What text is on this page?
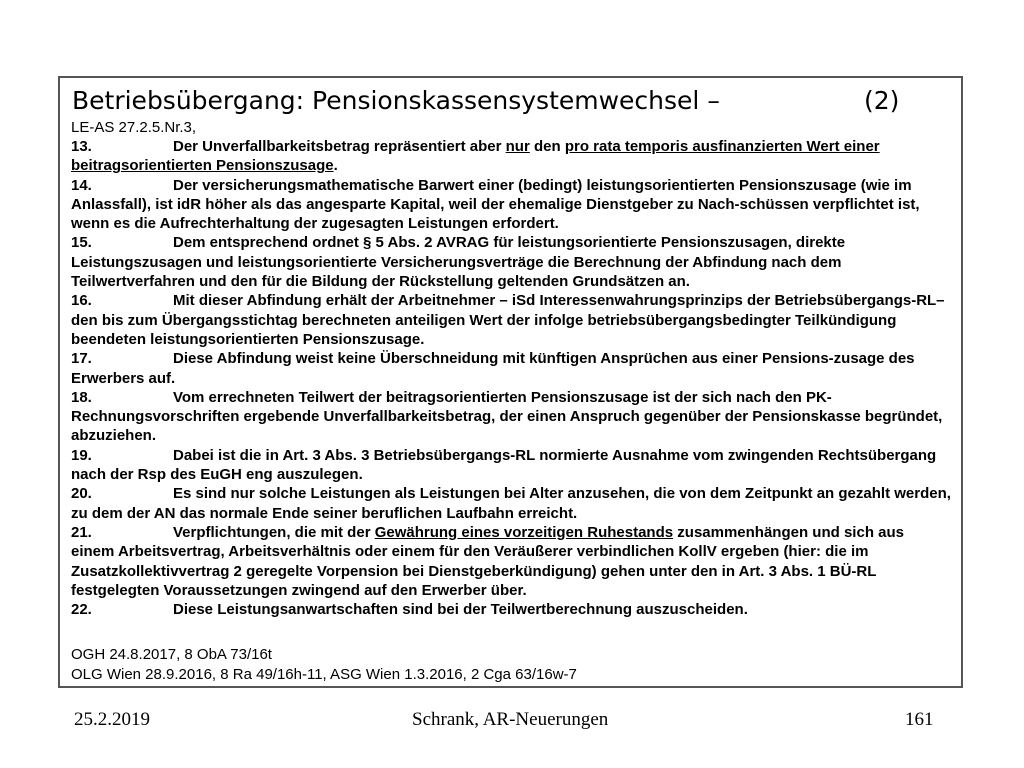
Betriebsübergang: Pensionskassensystemwechsel –	(2)
LE-AS 27.2.5.Nr.3,

13.	Der Unverfallbarkeitsbetrag repräsentiert aber nur den pro rata temporis ausfinanzierten Wert einer beitragsorientierten Pensionszusage.

14.	Der versicherungsmathematische Barwert einer (bedingt) leistungsorientierten Pensionszusage (wie im Anlassfall), ist idR höher als das angesparte Kapital, weil der ehemalige Dienstgeber zu Nach-schüssen verpflichtet ist, wenn es die Aufrechterhaltung der zugesagten Leistungen erfordert.

15.	Dem entsprechend ordnet § 5 Abs. 2 AVRAG für leistungsorientierte Pensionszusagen, direkte Leistungszusagen und leistungsorientierte Versicherungsverträge die Berechnung der Abfindung nach dem Teilwertverfahren und den für die Bildung der Rückstellung geltenden Grundsätzen an.

16.	Mit dieser Abfindung erhält der Arbeitnehmer – iSd Interessenwahrungsprinzips der Betriebsübergangs-RL– den bis zum Übergangsstichtag berechneten anteiligen Wert der infolge betriebsübergangsbedingter Teilkündigung beendeten leistungsorientierten Pensionszusage.

17.	Diese Abfindung weist keine Überschneidung mit künftigen Ansprüchen aus einer Pensions-zusage des Erwerbers auf.

18.	Vom errechneten Teilwert der beitragsorientierten Pensionszusage ist der sich nach den PK-Rechnungsvorschriften ergebende Unverfallbarkeitsbetrag, der einen Anspruch gegenüber der Pensionskasse begründet, abzuziehen.

19.	Dabei ist die in Art. 3 Abs. 3 Betriebsübergangs-RL normierte Ausnahme vom zwingenden Rechtsübergang nach der Rsp des EuGH eng auszulegen.

20.	Es sind nur solche Leistungen als Leistungen bei Alter anzusehen, die von dem Zeitpunkt an gezahlt werden, zu dem der AN das normale Ende seiner beruflichen Laufbahn erreicht.

21.	Verpflichtungen, die mit der Gewährung eines vorzeitigen Ruhestands zusammenhängen und sich aus einem Arbeitsvertrag, Arbeitsverhältnis oder einem für den Veräußerer verbindlichen KollV ergeben (hier: die im Zusatzkollektivvertrag 2 geregelte Vorpension bei Dienstgeberkündigung) gehen unter den in Art. 3 Abs. 1 BÜ-RL festgelegten Voraussetzungen zwingend auf den Erwerber über.

22.	Diese Leistungsanwartschaften sind bei der Teilwertberechnung auszuscheiden.

OGH 24.8.2017, 8 ObA 73/16t
OLG Wien 28.9.2016, 8 Ra 49/16h-11, ASG Wien 1.3.2016, 2 Cga 63/16w-7
25.2.2019	Schrank, AR-Neuerungen	161
